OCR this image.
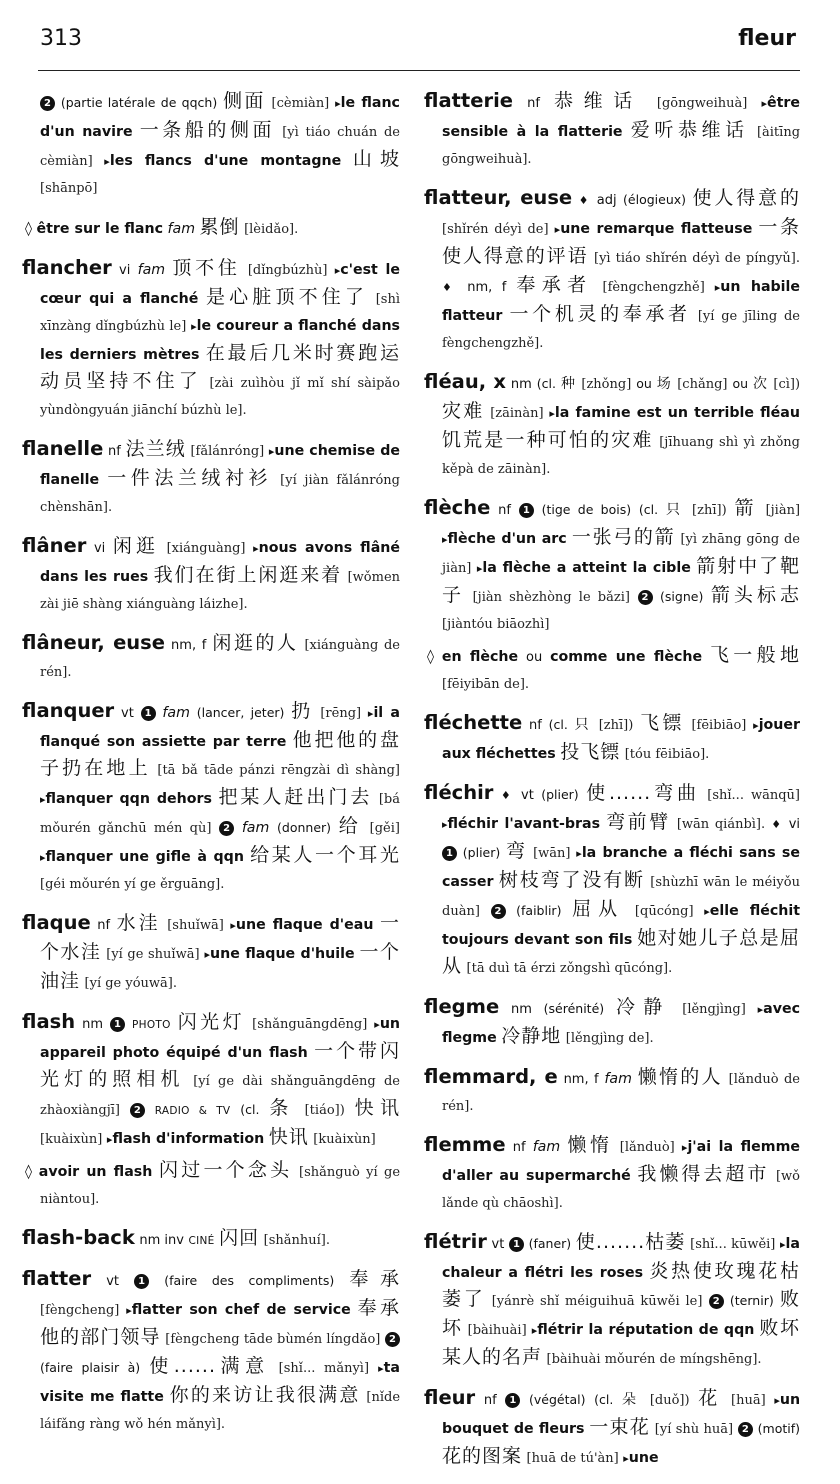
313	fleur

2 (partie latérale de qqch) 侧面 [cèmiàn] ▸le flanc d'un navire 一条船的侧面 [yì tiáo chuán de cèmiàn] ▸les flancs d'une montagne 山坡 [shānpō]

◊ être sur le flanc fam 累倒 [lèidǎo].

flancher vi fam 顶不住 [dǐngbúzhù] ▸c'est le cœur qui a flanché 是心脏顶不住了 [shì xīnzàng dǐngbúzhù le] ▸le coureur a flanché dans les derniers mètres 在最后几米时赛跑运动员坚持不住了 [zài zuìhòu jǐ mǐ shí sàipǎo yùndòngyuán jiānchí búzhù le].

flanelle nf 法兰绒 [fǎlánróng] ▸une chemise de flanelle 一件法兰绒衬衫 [yí jiàn fǎlánróng chènshān].

flâner vi 闲逛 [xiánguàng] ▸nous avons flâné dans les rues 我们在街上闲逛来着 [wǒmen zài jiē shàng xiánguàng láizhe].

flâneur, euse nm, f 闲逛的人 [xiánguàng de rén].

flanquer vt 1 fam (lancer, jeter) 扔 [rēng] ▸il a flanqué son assiette par terre 他把他的盘子扔在地上 [tā bǎ tāde pánzi rēngzài dì shàng] ▸flanquer qqn dehors 把某人赶出门去 [bá mǒurén gǎnchū mén qù] 2 fam (donner) 给 [gěi] ▸flanquer une gifle à qqn 给某人一个耳光 [géi mǒurén yí ge ěrguāng].

flaque nf 水洼 [shuǐwā] ▸une flaque d'eau 一个水洼 [yí ge shuǐwā] ▸une flaque d'huile 一个油洼 [yí ge yóuwā].

flash nm 1 PHOTO 闪光灯 [shǎnguāngdēng] ▸un appareil photo équipé d'un flash 一个带闪光灯的照相机 [yí ge dài shǎnguāngdēng de zhàoxiàngjī] 2 RADIO & TV (cl. 条 [tiáo]) 快讯 [kuàixùn] ▸flash d'information 快讯 [kuàixùn]

◊ avoir un flash 闪过一个念头 [shǎnguò yí ge niàntou].

flash-back nm inv CINÉ 闪回 [shǎnhuí].

flatter vt 1 (faire des compliments) 奉承 [fèngcheng] ▸flatter son chef de service 奉承他的部门领导 [fèngcheng tāde bùmén língdǎo] 2 (faire plaisir à) 使......满意 [shǐ... mǎnyì] ▸ta visite me flatte 你的来访让我很满意 [nǐde láifǎng ràng wǒ hén mǎnyì].

flatterie nf 恭维话 [gōngweihuà] ▸être sensible à la flatterie 爱听恭维话 [àitīng gōngweihuà].

flatteur, euse ♦ adj (élogieux) 使人得意的 [shǐrén déyì de] ▸une remarque flatteuse 一条使人得意的评语 [yì tiáo shǐrén déyì de píngyǔ]. ♦ nm, f 奉承者 [fèngchengzhě] ▸un habile flatteur 一个机灵的奉承者 [yí ge jīling de fèngchengzhě].

fléau, x nm (cl. 种 [zhǒng] ou 场 [chǎng] ou 次 [cì]) 灾难 [zāinàn] ▸la famine est un terrible fléau 饥荒是一种可怕的灾难 [jīhuang shì yì zhǒng kěpà de zāinàn].

flèche nf 1 (tige de bois) (cl. 只 [zhī]) 箭 [jiàn] ▸flèche d'un arc 一张弓的箭 [yì zhāng gōng de jiàn] ▸la flèche a atteint la cible 箭射中了靶子 [jiàn shèzhòng le bǎzi] 2 (signe) 箭头标志 [jiàntóu biāozhì]

◊ en flèche ou comme une flèche 飞一般地 [fēiyibān de].

fléchette nf (cl. 只 [zhī]) 飞镖 [fēibiāo] ▸jouer aux fléchettes 投飞镖 [tóu fēibiāo].

fléchir ♦ vt (plier) 使......弯曲 [shǐ... wānqū] ▸fléchir l'avant-bras 弯前臂 [wān qiánbì]. ♦ vi 1 (plier) 弯 [wān] ▸la branche a fléchi sans se casser 树枝弯了没有断 [shùzhī wān le méiyǒu duàn] 2 (faiblir) 屈从 [qūcóng] ▸elle fléchit toujours devant son fils 她对她儿子总是屈从 [tā duì tā érzi zǒngshì qūcóng].

flegme nm (sérénité) 冷静 [lěngjìng] ▸avec flegme 冷静地 [lěngjìng de].

flemmard, e nm, f fam 懒惰的人 [lǎnduò de rén].

flemme nf fam 懒惰 [lǎnduò] ▸j'ai la flemme d'aller au supermarché 我懒得去超市 [wǒ lǎnde qù chāoshì].

flétrir vt 1 (faner) 使.......枯萎 [shǐ... kūwěi] ▸la chaleur a flétri les roses 炎热使玫瑰花枯萎了 [yánrè shǐ méiguihuā kūwěi le] 2 (ternir) 败坏 [bàihuài] ▸flétrir la réputation de qqn 败坏某人的名声 [bàihuài mǒurén de míngshēng].

fleur nf 1 (végétal) (cl. 朵 [duǒ]) 花 [huā] ▸un bouquet de fleurs 一束花 [yí shù huā] 2 (motif) 花的图案 [huā de tú'àn] ▸une
